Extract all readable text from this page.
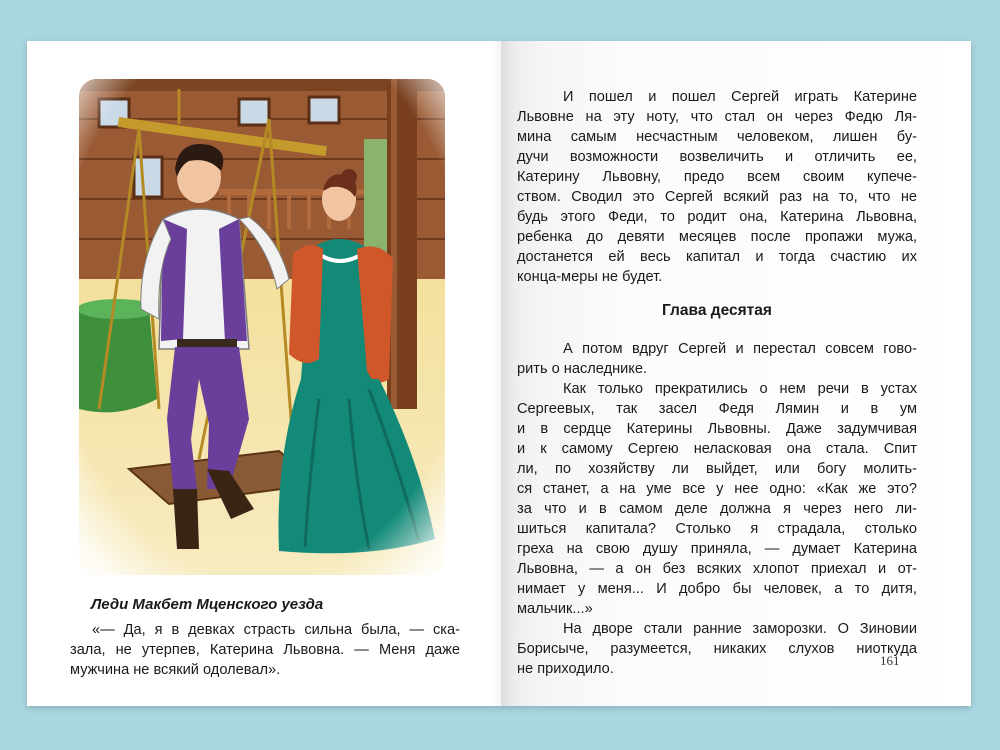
Леди Макбет Мценского уезда

«— Да, я в девках страсть сильна была, — ска-
зала, не утерпев, Катерина Львовна. — Меня даже
мужчина не всякий одолевал».
И пошел и пошел Сергей играть Катерине
Львовне на эту ноту, что стал он через Федю Ля-
мина самым несчастным человеком, лишен бу-
дучи возможности возвеличить и отличить ее,
Катерину Львовну, предо всем своим купече-
ством. Сводил это Сергей всякий раз на то, что не
будь этого Феди, то родит она, Катерина Львовна,
ребенка до девяти месяцев после пропажи мужа,
достанется ей весь капитал и тогда счастию их
конца-меры не будет.
Глава десятая
А потом вдруг Сергей и перестал совсем гово-
рить о наследнике.
Как только прекратились о нем речи в устах
Сергеевых, так засел Федя Лямин и в ум
и в сердце Катерины Львовны. Даже задумчивая
и к самому Сергею неласковая она стала. Спит
ли, по хозяйству ли выйдет, или богу молить-
ся станет, а на уме все у нее одно: «Как же это?
за что и в самом деле должна я через него ли-
шиться капитала? Столько я страдала, столько
греха на свою душу приняла, — думает Катерина
Львовна, — а он без всяких хлопот приехал и от-
нимает у меня... И добро бы человек, а то дитя,
мальчик...»
На дворе стали ранние заморозки. О Зиновии
Борисыче, разумеется, никаких слухов ниоткуда
не приходило.
161
